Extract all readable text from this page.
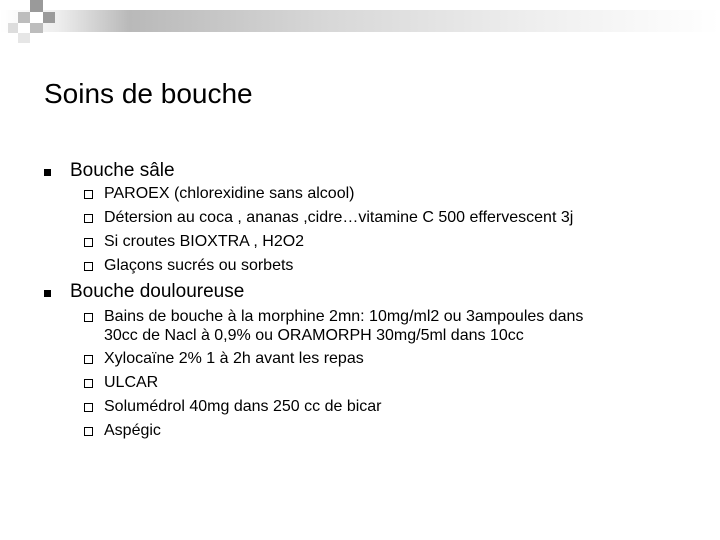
Soins de bouche
Bouche sâle
PAROEX (chlorexidine sans alcool)
Détersion au coca , ananas ,cidre…vitamine C 500 effervescent 3j
Si croutes BIOXTRA , H2O2
Glaçons sucrés ou sorbets
Bouche douloureuse
Bains de bouche à la morphine 2mn: 10mg/ml2 ou 3ampoules dans
30cc de Nacl à 0,9% ou ORAMORPH 30mg/5ml dans 10cc
Xylocaïne 2% 1 à 2h avant les repas
ULCAR
Solumédrol 40mg dans 250 cc de bicar
Aspégic
